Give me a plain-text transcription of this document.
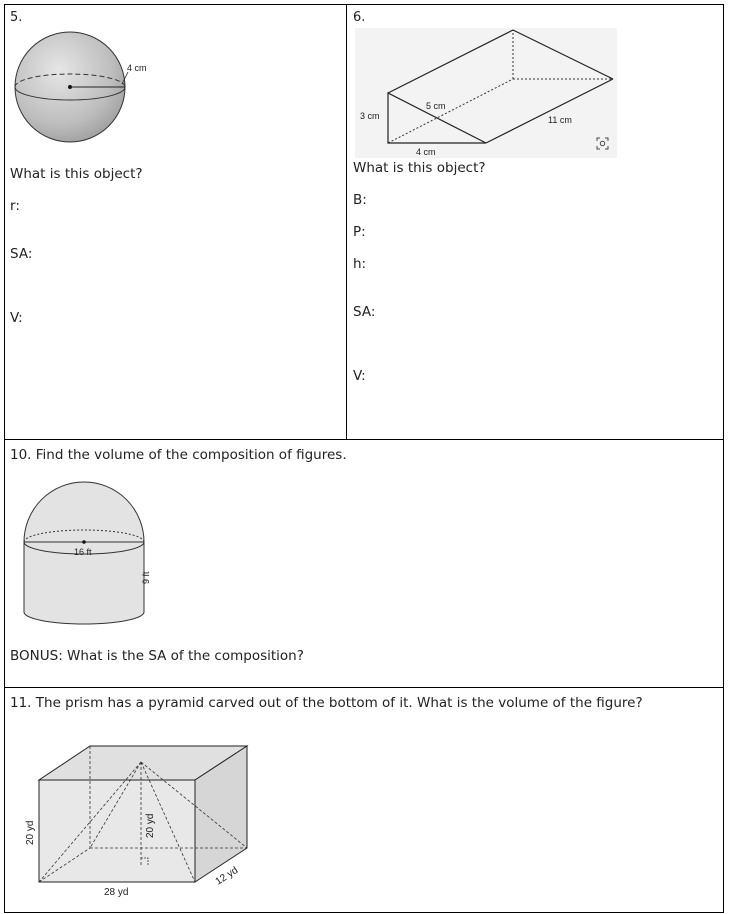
5.
4 cm
What is this object?
r:
SA:
V:
6.
3 cm
5 cm
11 cm
4 cm
What is this object?
B:
P:
h:
SA:
V:
10. Find the volume of the composition of figures.
16 ft
9 ft
BONUS: What is the SA of the composition?
11. The prism has a pyramid carved out of the bottom of it. What is the volume of the figure?
20 yd	20 yd
28 yd
12 yd
